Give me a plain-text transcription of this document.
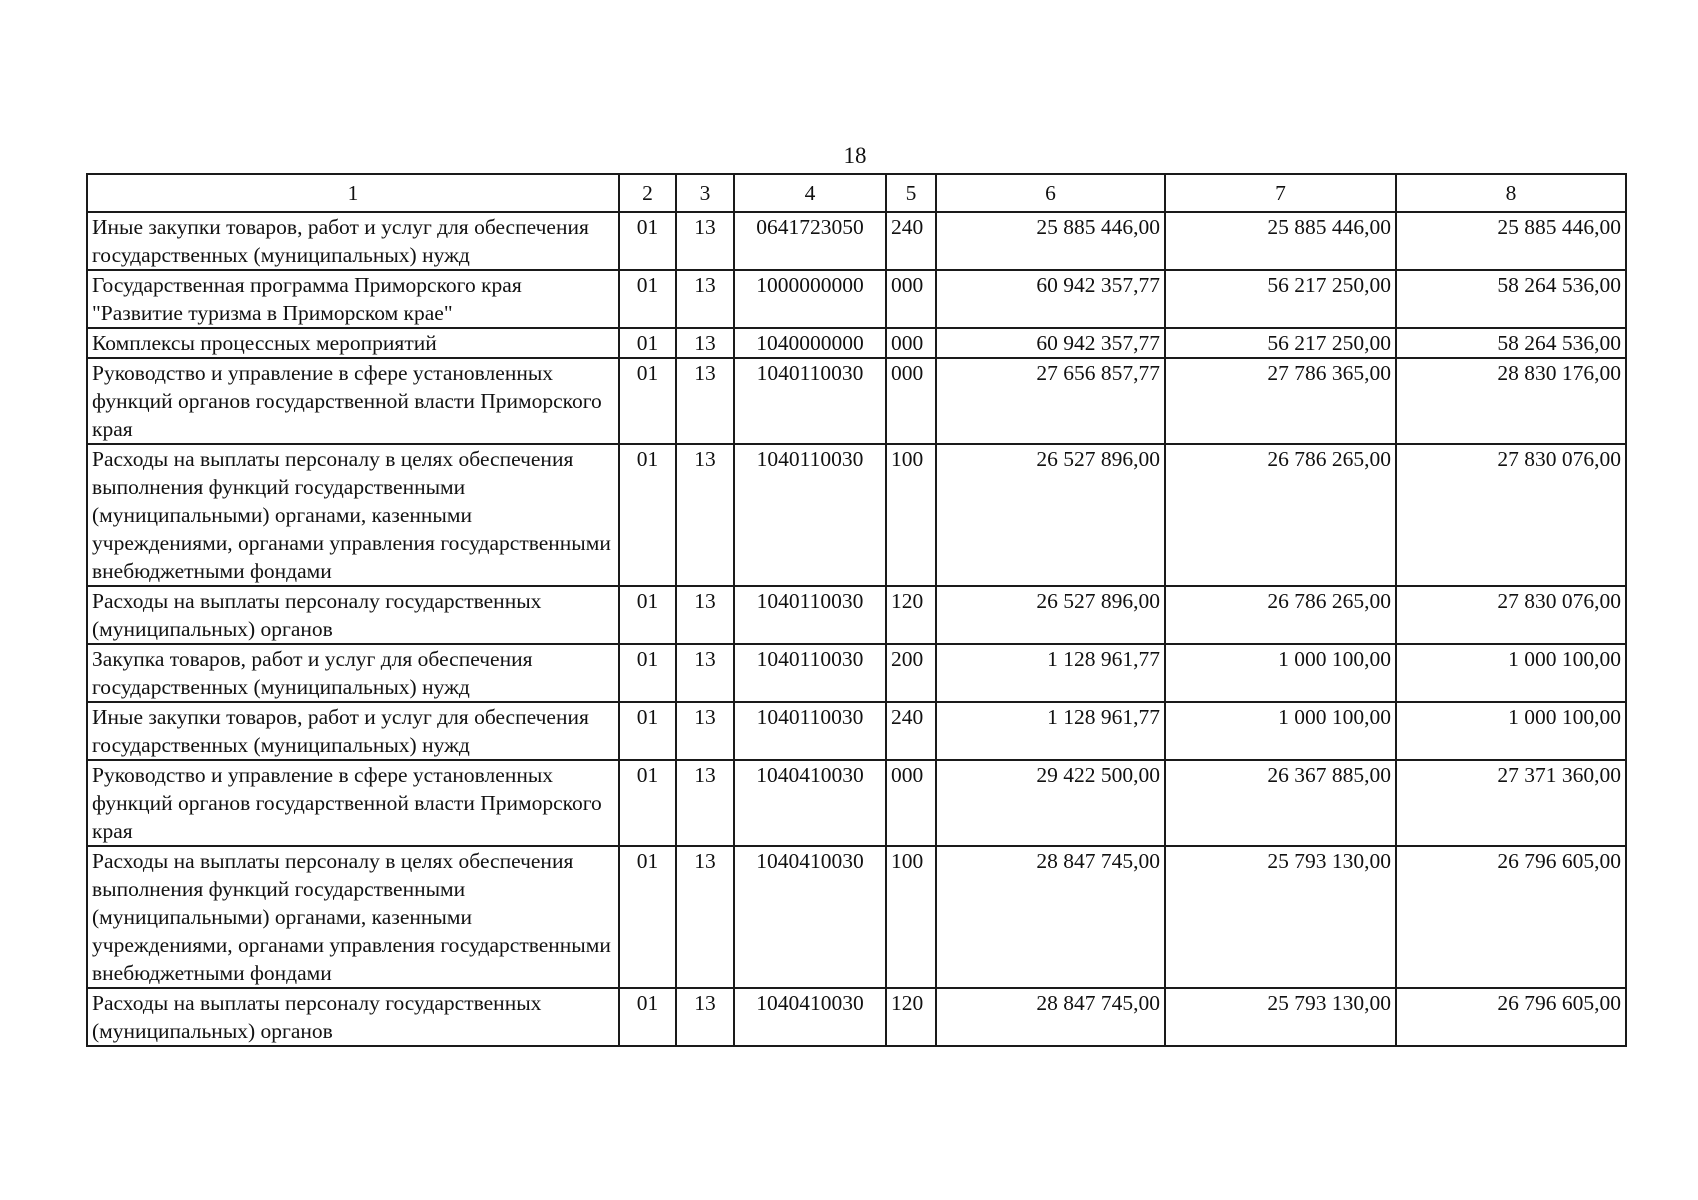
18
1	2	3	4	5	6	7	8
Иные закупки товаров, работ и услуг для обеспечения государственных (муниципальных) нужд	01	13	0641723050	240	25 885 446,00	25 885 446,00	25 885 446,00
Государственная программа Приморского края "Развитие туризма в Приморском крае"	01	13	1000000000	000	60 942 357,77	56 217 250,00	58 264 536,00
Комплексы процессных мероприятий	01	13	1040000000	000	60 942 357,77	56 217 250,00	58 264 536,00
Руководство и управление в сфере установленных функций органов государственной власти Приморского края	01	13	1040110030	000	27 656 857,77	27 786 365,00	28 830 176,00
Расходы на выплаты персоналу в целях обеспечения выполнения функций государственными (муниципальными) органами, казенными учреждениями, органами управления государственными внебюджетными фондами	01	13	1040110030	100	26 527 896,00	26 786 265,00	27 830 076,00
Расходы на выплаты персоналу государственных (муниципальных) органов	01	13	1040110030	120	26 527 896,00	26 786 265,00	27 830 076,00
Закупка товаров, работ и услуг для обеспечения государственных (муниципальных) нужд	01	13	1040110030	200	1 128 961,77	1 000 100,00	1 000 100,00
Иные закупки товаров, работ и услуг для обеспечения государственных (муниципальных) нужд	01	13	1040110030	240	1 128 961,77	1 000 100,00	1 000 100,00
Руководство и управление в сфере установленных функций органов государственной власти Приморского края	01	13	1040410030	000	29 422 500,00	26 367 885,00	27 371 360,00
Расходы на выплаты персоналу в целях обеспечения выполнения функций государственными (муниципальными) органами, казенными учреждениями, органами управления государственными внебюджетными фондами	01	13	1040410030	100	28 847 745,00	25 793 130,00	26 796 605,00
Расходы на выплаты персоналу государственных (муниципальных) органов	01	13	1040410030	120	28 847 745,00	25 793 130,00	26 796 605,00
